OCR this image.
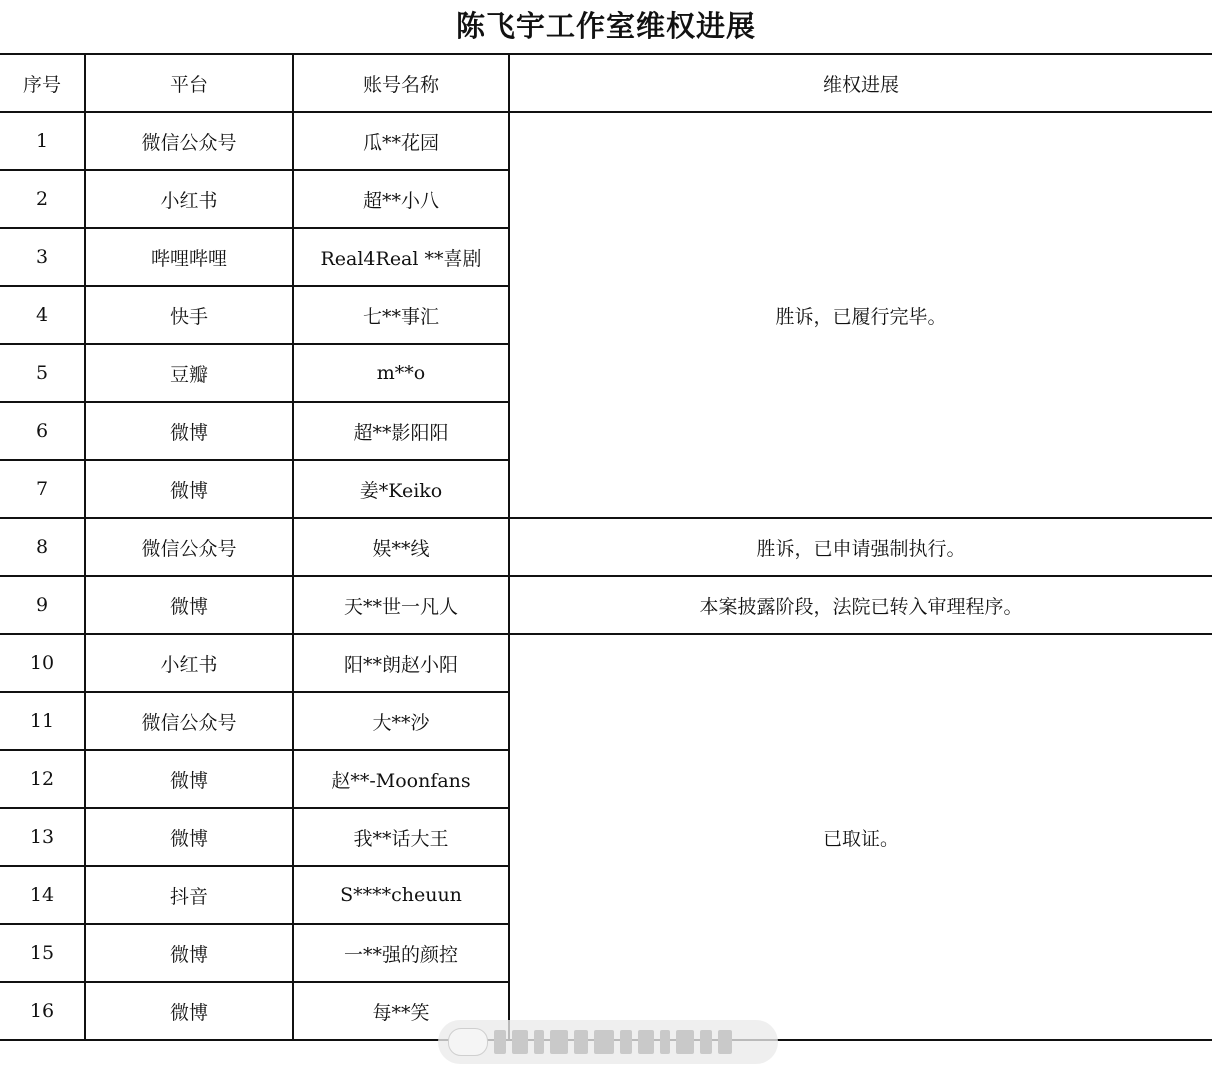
陈飞宇工作室维权进展
序号	平台	账号名称	维权进展
1	微信公众号	瓜**花园	胜诉，已履行完毕。
2	小红书	超**小八	
3	哔哩哔哩	Real4Real **喜剧	
4	快手	七**事汇	
5	豆瓣	m**o	
6	微博	超**影阳阳	
7	微博	姜*Keiko	
8	微信公众号	娱**线	胜诉，已申请强制执行。
9	微博	天**世一凡人	本案披露阶段，法院已转入审理程序。
10	小红书	阳**朗赵小阳	已取证。
11	微信公众号	大**沙	
12	微博	赵**-Moonfans	
13	微博	我**话大王	
14	抖音	S****cheuun	
15	微博	一**强的颜控	
16	微博	每**笑	
